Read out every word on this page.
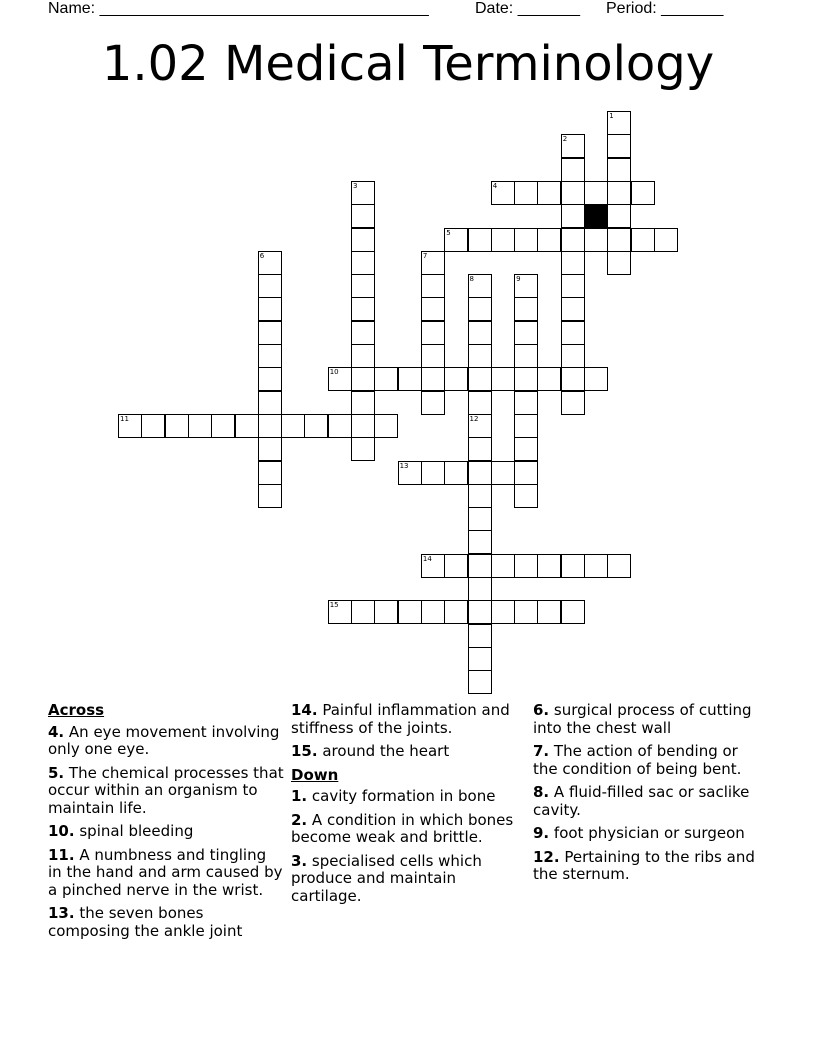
Name: _____________________________________	Date: _______ Period: _______
1.02 Medical Terminology
4
5
10
11
13
14
15
1
2
3
6	7
8	9
12
Across
4. An eye movement involving only one eye.
5. The chemical processes that occur within an organism to maintain life.
10. spinal bleeding
11. A numbness and tingling in the hand and arm caused by a pinched nerve in the wrist.
13. the seven bones composing the ankle joint
14. Painful inflammation and stiffness of the joints.
15. around the heart
Down
1. cavity formation in bone
2. A condition in which bones become weak and brittle.
3. specialised cells which produce and maintain cartilage.
6. surgical process of cutting into the chest wall
7. The action of bending or the condition of being bent.
8. A fluid-filled sac or saclike cavity.
9. foot physician or surgeon
12. Pertaining to the ribs and the sternum.
